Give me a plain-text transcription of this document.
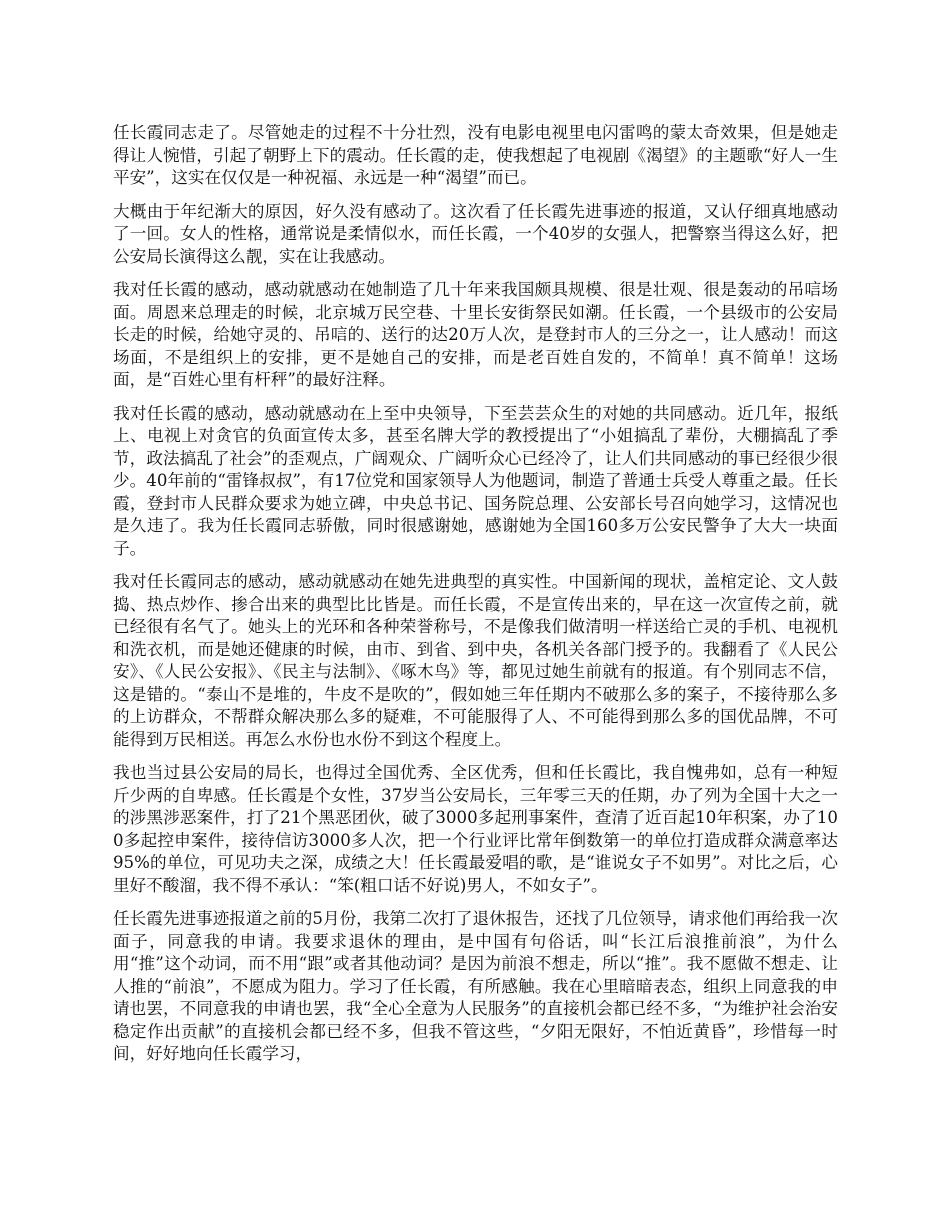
任长霞同志走了。尽管她走的过程不十分壮烈，没有电影电视里电闪雷鸣的蒙太奇效果，但是她走得让人惋惜，引起了朝野上下的震动。任长霞的走，使我想起了电视剧《渴望》的主题歌“好人一生平安”，这实在仅仅是一种祝福、永远是一种“渴望”而已。

大概由于年纪渐大的原因，好久没有感动了。这次看了任长霞先进事迹的报道，又认仔细真地感动了一回。女人的性格，通常说是柔情似水，而任长霞，一个40岁的女强人，把警察当得这么好，把公安局长演得这么靓，实在让我感动。

我对任长霞的感动，感动就感动在她制造了几十年来我国颇具规模、很是壮观、很是轰动的吊唁场面。周恩来总理走的时候，北京城万民空巷、十里长安街祭民如潮。任长霞，一个县级市的公安局长走的时候，给她守灵的、吊唁的、送行的达20万人次，是登封市人的三分之一，让人感动！而这场面，不是组织上的安排，更不是她自己的安排，而是老百姓自发的，不简单！真不简单！这场面，是“百姓心里有杆秤”的最好注释。

我对任长霞的感动，感动就感动在上至中央领导，下至芸芸众生的对她的共同感动。近几年，报纸上、电视上对贪官的负面宣传太多，甚至名牌大学的教授提出了“小姐搞乱了辈份，大棚搞乱了季节，政法搞乱了社会”的歪观点，广阔观众、广阔听众心已经冷了，让人们共同感动的事已经很少很少。40年前的“雷锋叔叔”，有17位党和国家领导人为他题词，制造了普通士兵受人尊重之最。任长霞，登封市人民群众要求为她立碑，中央总书记、国务院总理、公安部长号召向她学习，这情况也是久违了。我为任长霞同志骄傲，同时很感谢她，感谢她为全国160多万公安民警争了大大一块面子。

我对任长霞同志的感动，感动就感动在她先进典型的真实性。中国新闻的现状，盖棺定论、文人鼓捣、热点炒作、掺合出来的典型比比皆是。而任长霞，不是宣传出来的，早在这一次宣传之前，就已经很有名气了。她头上的光环和各种荣誉称号，不是像我们做清明一样送给亡灵的手机、电视机和洗衣机，而是她还健康的时候，由市、到省、到中央，各机关各部门授予的。我翻看了《人民公安》、《人民公安报》、《民主与法制》、《啄木鸟》等，都见过她生前就有的报道。有个别同志不信，这是错的。“泰山不是堆的，牛皮不是吹的”，假如她三年任期内不破那么多的案子，不接待那么多的上访群众，不帮群众解决那么多的疑难，不可能服得了人、不可能得到那么多的国优品牌，不可能得到万民相送。再怎么水份也水份不到这个程度上。

我也当过县公安局的局长，也得过全国优秀、全区优秀，但和任长霞比，我自愧弗如，总有一种短斤少两的自卑感。任长霞是个女性，37岁当公安局长，三年零三天的任期，办了列为全国十大之一的涉黑涉恶案件，打了21个黑恶团伙，破了3000多起刑事案件，查清了近百起10年积案，办了100多起控申案件，接待信访3000多人次，把一个行业评比常年倒数第一的单位打造成群众满意率达95%的单位，可见功夫之深，成绩之大！任长霞最爱唱的歌，是“谁说女子不如男”。对比之后，心里好不酸溜，我不得不承认：“笨(粗口话不好说)男人，不如女子”。

任长霞先进事迹报道之前的5月份，我第二次打了退休报告，还找了几位领导，请求他们再给我一次面子，同意我的申请。我要求退休的理由，是中国有句俗话，叫“长江后浪推前浪”，为什么用“推”这个动词，而不用“跟”或者其他动词？是因为前浪不想走，所以“推”。我不愿做不想走、让人推的“前浪”，不愿成为阻力。学习了任长霞，有所感触。我在心里暗暗表态，组织上同意我的申请也罢，不同意我的申请也罢，我“全心全意为人民服务”的直接机会都已经不多，“为维护社会治安稳定作出贡献”的直接机会都已经不多，但我不管这些，“夕阳无限好，不怕近黄昏”，珍惜每一时间，好好地向任长霞学习，
